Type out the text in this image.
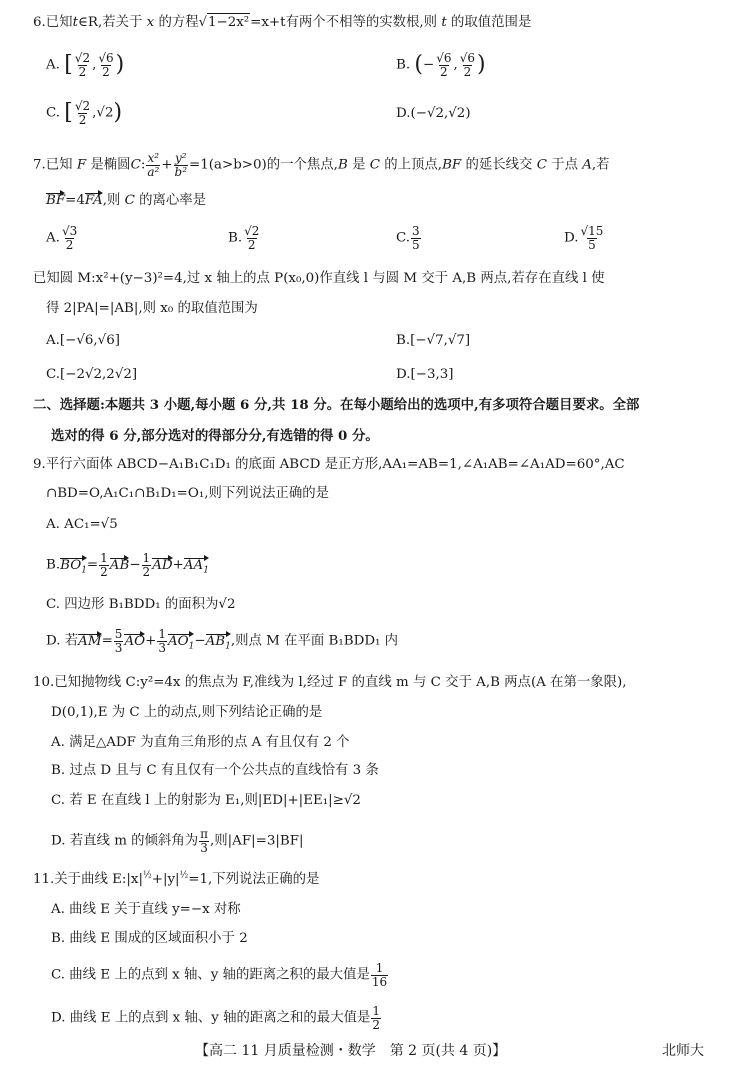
6.已知t∈R,若关于 x 的方程√1−2x²=x+t有两个不相等的实数根,则 t 的取值范围是
A. [ $\frac{√2}{2}$ , $\frac{√6}{2}$ )	B. (− $\frac{√6}{2}$ , $\frac{√6}{2}$ )
C. [ $\frac{√2}{2} ,√2$)	D.(−√2,√2)
7.已知 F 是椭圆C: $\frac{\text{x²}}{\text{a²}} + \frac{\text{y²}}{\text{b²}} =1(a>b>0)$的一个焦点,B 是 C 的上顶点,BF 的延长线交 C 于点 A,若
BF=4FA,则 C 的离心率是
A. $\frac{√3}{2}$	B. $\frac{√2}{2}$	C. $\frac{3}{5}$	D. $\frac{√15}{5}$
已知圆 M:x²+(y−3)²=4,过 x 轴上的点 P(x₀,0)作直线 l 与圆 M 交于 A,B 两点,若存在直线 l 使
得 2|PA|=|AB|,则 x₀ 的取值范围为
A.[−√6,√6]	B.[−√7,√7]
C.[−2√2,2√2]	D.[−3,3]
二、选择题:本题共 3 小题,每小题 6 分,共 18 分。在每小题给出的选项中,有多项符合题目要求。全部
选对的得 6 分,部分选对的得部分分,有选错的得 0 分。
9.平行六面体 ABCD−A₁B₁C₁D₁ 的底面 ABCD 是正方形,AA₁=AB=1,∠A₁AB=∠A₁AD=60°,AC
∩BD=O,A₁C₁∩B₁D₁=O₁,则下列说法正确的是
A. AC₁=√5
$B.BO_1= \frac{1}{2} AB- \frac{1}{2} AD+AA_1$
C. 四边形 B₁BDD₁ 的面积为√2
D. 若$AM= \frac{5}{3} AO+ \frac{1}{3} AO_1-AB_1$,则点 M 在平面 B₁BDD₁ 内
10.已知抛物线 C:y²=4x 的焦点为 F,准线为 l,经过 F 的直线 m 与 C 交于 A,B 两点(A 在第一象限),
D(0,1),E 为 C 上的动点,则下列结论正确的是
A. 满足△ADF 为直角三角形的点 A 有且仅有 2 个
B. 过点 D 且与 C 有且仅有一个公共点的直线恰有 3 条
C. 若 E 在直线 l 上的射影为 E₁,则|ED|+|EE₁|≥√2
D. 若直线 m 的倾斜角为 $\frac{\pi}{3}$ ,则|AF|=3|BF|
11.关于曲线 $E:|x|^{\frac{1}{2}}+|y|^{\frac{1}{2}}=1$,下列说法正确的是
A. 曲线 E 关于直线 y=−x 对称
B. 曲线 E 围成的区域面积小于 2
C. 曲线 E 上的点到 x 轴、y 轴的距离之积的最大值是 $\frac{1}{16}$
D. 曲线 E 上的点到 x 轴、y 轴的距离之和的最大值是 $\frac{1}{2}$
【高二 11 月质量检测・数学　第 2 页(共 4 页)】	北师大
